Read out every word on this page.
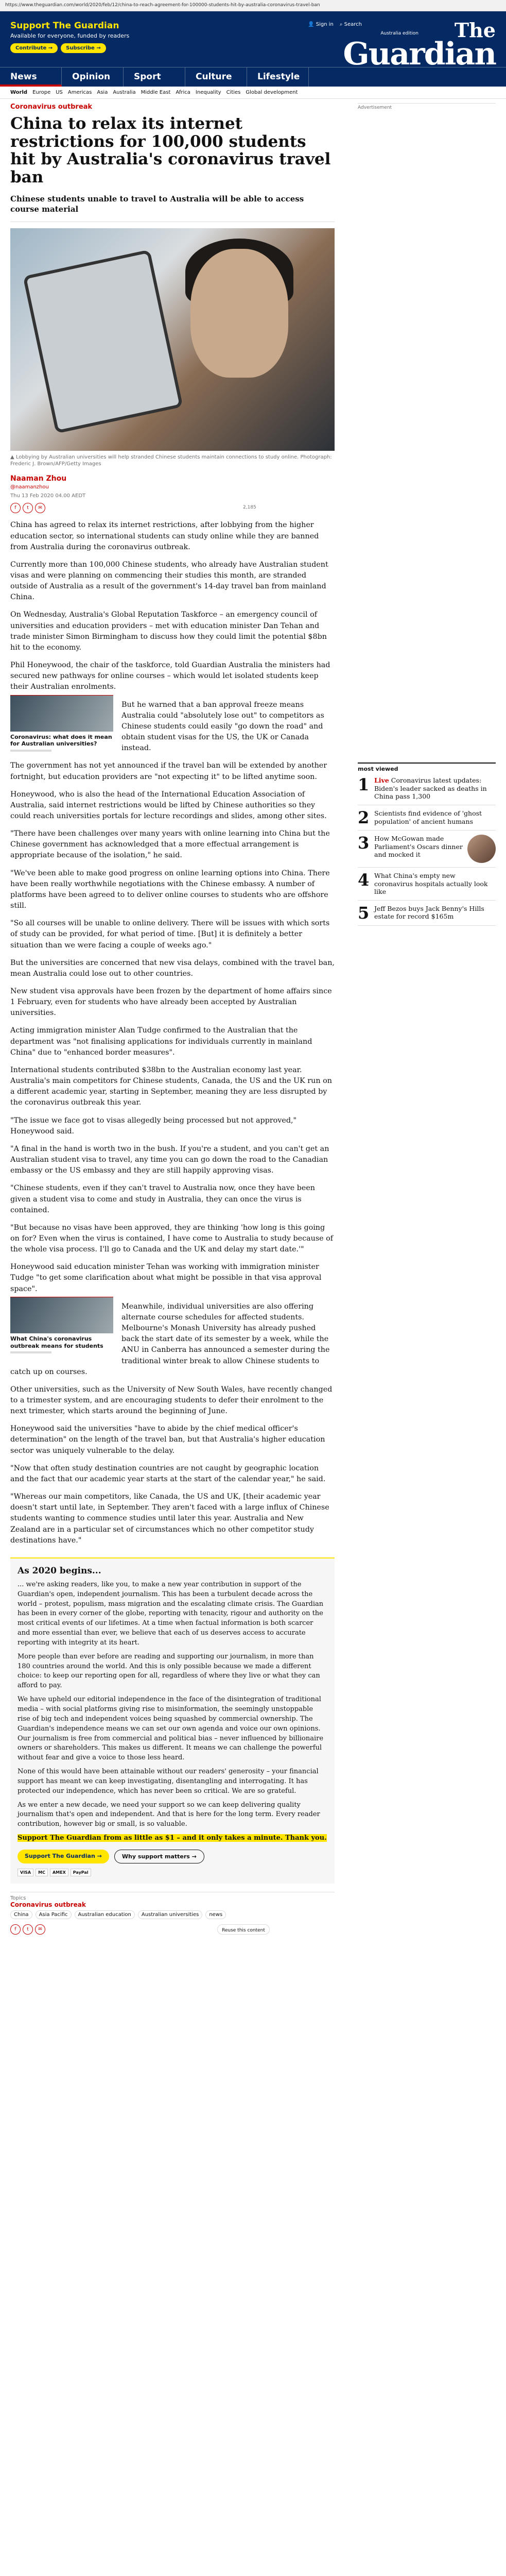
https://www.theguardian.com/world/2020/feb/12/china-to-reach-agreement-for-100000-students-hit-by-australia-coronavirus-travel-ban
Support The Guardian

Available for everyone, funded by readers

Contribute →	Subscribe →
👤 Sign in ⌕ Search
Australia edition	The
Guardian
News	Opinion	Sport	Culture	Lifestyle
World Europe US Americas Asia Australia Middle East Africa Inequality Cities Global development
Coronavirus outbreak
China to relax its internet restrictions for 100,000 students hit by Australia's coronavirus travel ban

Chinese students unable to travel to Australia will be able to access course material

▲ Lobbying by Australian universities will help stranded Chinese students maintain connections to study online. Photograph: Frederic J. Brown/AFP/Getty Images

Naaman Zhou
@naamanzhou
Thu 13 Feb 2020 04.00 AEDT
f	t	✉	2,185

China has agreed to relax its internet restrictions, after lobbying from the higher education sector, so international students can study online while they are banned from Australia during the coronavirus outbreak.

Currently more than 100,000 Chinese students, who already have Australian student visas and were planning on commencing their studies this month, are stranded outside of Australia as a result of the government's 14-day travel ban from mainland China.

On Wednesday, Australia's Global Reputation Taskforce – an emergency council of universities and education providers – met with education minister Dan Tehan and trade minister Simon Birmingham to discuss how they could limit the potential $8bn hit to the economy.

Phil Honeywood, the chair of the taskforce, told Guardian Australia the ministers had secured new pathways for online courses – which would let isolated students keep their Australian enrolments.

Coronavirus: what does it mean for Australian universities?

But he warned that a ban approval freeze means Australia could "absolutely lose out" to competitors as Chinese students could easily "go down the road" and obtain student visas for the US, the UK or Canada instead.

The government has not yet announced if the travel ban will be extended by another fortnight, but education providers are "not expecting it" to be lifted anytime soon.

Honeywood, who is also the head of the International Education Association of Australia, said internet restrictions would be lifted by Chinese authorities so they could reach universities portals for lecture recordings and slides, among other sites.

"There have been challenges over many years with online learning into China but the Chinese government has acknowledged that a more effectual arrangement is appropriate because of the isolation," he said.

"We've been able to make good progress on online learning options into China. There have been really worthwhile negotiations with the Chinese embassy. A number of platforms have been agreed to to deliver online courses to students who are offshore still.

"So all courses will be unable to online delivery. There will be issues with which sorts of study can be provided, for what period of time. [But] it is definitely a better situation than we were facing a couple of weeks ago."

But the universities are concerned that new visa delays, combined with the travel ban, mean Australia could lose out to other countries.

New student visa approvals have been frozen by the department of home affairs since 1 February, even for students who have already been accepted by Australian universities.

Acting immigration minister Alan Tudge confirmed to the Australian that the department was "not finalising applications for individuals currently in mainland China" due to "enhanced border measures".

International students contributed $38bn to the Australian economy last year. Australia's main competitors for Chinese students, Canada, the US and the UK run on a different academic year, starting in September, meaning they are less disrupted by the coronavirus outbreak this year.

"The issue we face got to visas allegedly being processed but not approved," Honeywood said.

"A final in the hand is worth two in the bush. If you're a student, and you can't get an Australian student visa to travel, any time you can go down the road to the Canadian embassy or the US embassy and they are still happily approving visas.

"Chinese students, even if they can't travel to Australia now, once they have been given a student visa to come and study in Australia, they can once the virus is contained.

"But because no visas have been approved, they are thinking 'how long is this going on for? Even when the virus is contained, I have come to Australia to study because of the whole visa process. I'll go to Canada and the UK and delay my start date.'"

Honeywood said education minister Tehan was working with immigration minister Tudge "to get some clarification about what might be possible in that visa approval space".

What China's coronavirus outbreak means for students

Meanwhile, individual universities are also offering alternate course schedules for affected students. Melbourne's Monash University has already pushed back the start date of its semester by a week, while the ANU in Canberra has announced a semester during the traditional winter break to allow Chinese students to catch up on courses.

Other universities, such as the University of New South Wales, have recently changed to a trimester system, and are encouraging students to defer their enrolment to the next trimester, which starts around the beginning of June.

Honeywood said the universities "have to abide by the chief medical officer's determination" on the length of the travel ban, but that Australia's higher education sector was uniquely vulnerable to the delay.

"Now that often study destination countries are not caught by geographic location and the fact that our academic year starts at the start of the calendar year," he said.

"Whereas our main competitors, like Canada, the US and UK, [their academic year doesn't start until late, in September. They aren't faced with a large influx of Chinese students wanting to commence studies until later this year. Australia and New Zealand are in a particular set of circumstances which no other competitor study destinations have."

As 2020 begins...

... we're asking readers, like you, to make a new year contribution in support of the Guardian's open, independent journalism. This has been a turbulent decade across the world – protest, populism, mass migration and the escalating climate crisis. The Guardian has been in every corner of the globe, reporting with tenacity, rigour and authority on the most critical events of our lifetimes. At a time when factual information is both scarcer and more essential than ever, we believe that each of us deserves access to accurate reporting with integrity at its heart.

More people than ever before are reading and supporting our journalism, in more than 180 countries around the world. And this is only possible because we made a different choice: to keep our reporting open for all, regardless of where they live or what they can afford to pay.

We have upheld our editorial independence in the face of the disintegration of traditional media – with social platforms giving rise to misinformation, the seemingly unstoppable rise of big tech and independent voices being squashed by commercial ownership. The Guardian's independence means we can set our own agenda and voice our own opinions. Our journalism is free from commercial and political bias – never influenced by billionaire owners or shareholders. This makes us different. It means we can challenge the powerful without fear and give a voice to those less heard.

None of this would have been attainable without our readers' generosity – your financial support has meant we can keep investigating, disentangling and interrogating. It has protected our independence, which has never been so critical. We are so grateful.

As we enter a new decade, we need your support so we can keep delivering quality journalism that's open and independent. And that is here for the long term. Every reader contribution, however big or small, is so valuable.

Support The Guardian from as little as $1 – and it only takes a minute. Thank you.

Support The Guardian →	Why support matters →
VISA	MC	AMEX	PayPal
Topics
Coronavirus outbreak
China	Asia Pacific	Australian education	Australian universities	news
f	t	✉	Reuse this content
Advertisement
most viewed
1 Live Coronavirus latest updates: Biden's leader sacked as deaths in China pass 1,300
2 Scientists find evidence of 'ghost population' of ancient humans
3 How McGowan made Parliament's Oscars dinner and mocked it
4 What China's empty new coronavirus hospitals actually look like
5 Jeff Bezos buys Jack Benny's Hills estate for record $165m
